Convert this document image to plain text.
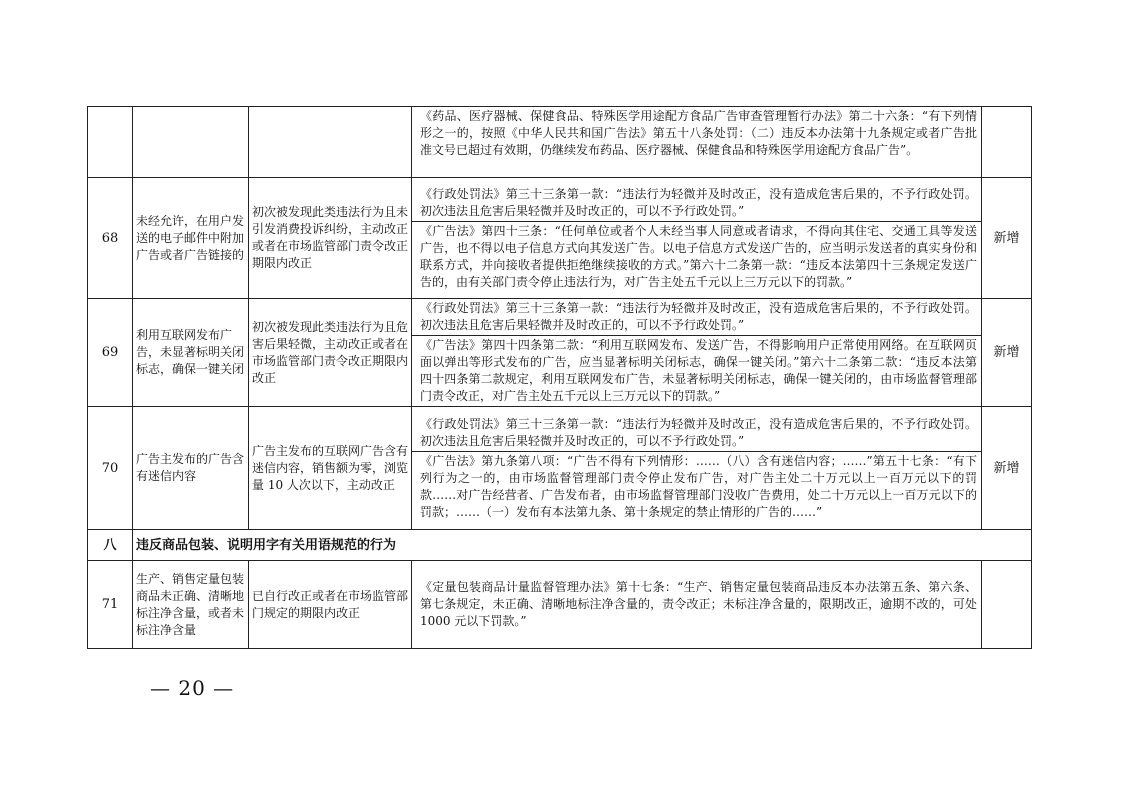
			《药品、医疗器械、保健食品、特殊医学用途配方食品广告审查管理暂行办法》第二十六条：“有下列情形之一的，按照《中华人民共和国广告法》第五十八条处罚：（二）违反本办法第十九条规定或者广告批准文号已超过有效期，仍继续发布药品、医疗器械、保健食品和特殊医学用途配方食品广告”。	

68	未经允许，在用户发送的电子邮件中附加广告或者广告链接的	初次被发现此类违法行为且未引发消费投诉纠纷，主动改正或者在市场监管部门责令改正期限内改正	《行政处罚法》第三十三条第一款：“违法行为轻微并及时改正，没有造成危害后果的，不予行政处罚。初次违法且危害后果轻微并及时改正的，可以不予行政处罚。”
《广告法》第四十三条：“任何单位或者个人未经当事人同意或者请求，不得向其住宅、交通工具等发送广告，也不得以电子信息方式向其发送广告。以电子信息方式发送广告的，应当明示发送者的真实身份和联系方式，并向接收者提供拒绝继续接收的方式。”第六十二条第一款：“违反本法第四十三条规定发送广告的，由有关部门责令停止违法行为，对广告主处五千元以上三万元以下的罚款。”	新增
69	利用互联网发布广告，未显著标明关闭标志，确保一键关闭	初次被发现此类违法行为且危害后果轻微，主动改正或者在市场监管部门责令改正期限内改正	《行政处罚法》第三十三条第一款：“违法行为轻微并及时改正，没有造成危害后果的，不予行政处罚。初次违法且危害后果轻微并及时改正的，可以不予行政处罚。”
《广告法》第四十四条第二款：“利用互联网发布、发送广告，不得影响用户正常使用网络。在互联网页面以弹出等形式发布的广告，应当显著标明关闭标志，确保一键关闭。”第六十二条第二款：“违反本法第四十四条第二款规定，利用互联网发布广告，未显著标明关闭标志，确保一键关闭的，由市场监督管理部门责令改正，对广告主处五千元以上三万元以下的罚款。”	新增
70	广告主发布的广告含有迷信内容	广告主发布的互联网广告含有迷信内容，销售额为零，浏览量 10 人次以下，主动改正	《行政处罚法》第三十三条第一款：“违法行为轻微并及时改正，没有造成危害后果的，不予行政处罚。初次违法且危害后果轻微并及时改正的，可以不予行政处罚。”
《广告法》第九条第八项：“广告不得有下列情形：……（八）含有迷信内容；……”第五十七条：“有下列行为之一的，由市场监督管理部门责令停止发布广告，对广告主处二十万元以上一百万元以下的罚款……对广告经营者、广告发布者，由市场监督管理部门没收广告费用，处二十万元以上一百万元以下的罚款；……（一）发布有本法第九条、第十条规定的禁止情形的广告的……”	新增
八	违反商品包装、说明用字有关用语规范的行为			
71	生产、销售定量包装商品未正确、清晰地标注净含量，或者未标注净含量	已自行改正或者在市场监管部门规定的期限内改正	《定量包装商品计量监督管理办法》第十七条：“生产、销售定量包装商品违反本办法第五条、第六条、第七条规定，未正确、清晰地标注净含量的，责令改正；未标注净含量的，限期改正，逾期不改的，可处 1000 元以下罚款。”	

— 20 —
